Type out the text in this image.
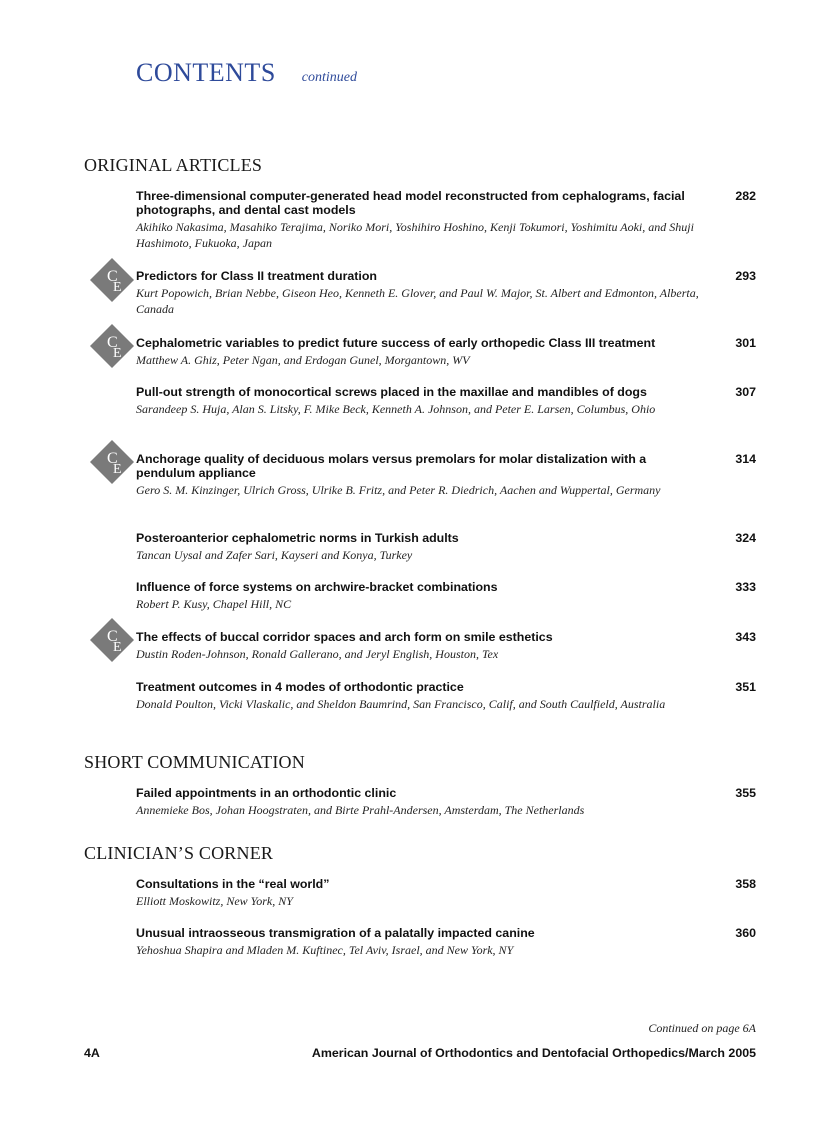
CONTENTS continued
ORIGINAL ARTICLES
Three-dimensional computer-generated head model reconstructed from cephalograms, facial photographs, and dental cast models
Akihiko Nakasima, Masahiko Terajima, Noriko Mori, Yoshihiro Hoshino, Kenji Tokumori, Yoshimitu Aoki, and Shuji Hashimoto, Fukuoka, Japan
282
C
E
Predictors for Class II treatment duration
Kurt Popowich, Brian Nebbe, Giseon Heo, Kenneth E. Glover, and Paul W. Major, St. Albert and Edmonton, Alberta, Canada
293
C
E
Cephalometric variables to predict future success of early orthopedic Class III treatment
Matthew A. Ghiz, Peter Ngan, and Erdogan Gunel, Morgantown, WV
301
Pull-out strength of monocortical screws placed in the maxillae and mandibles of dogs
Sarandeep S. Huja, Alan S. Litsky, F. Mike Beck, Kenneth A. Johnson, and Peter E. Larsen, Columbus, Ohio
307
C
E
Anchorage quality of deciduous molars versus premolars for molar distalization with a pendulum appliance
Gero S. M. Kinzinger, Ulrich Gross, Ulrike B. Fritz, and Peter R. Diedrich, Aachen and Wuppertal, Germany
314
Posteroanterior cephalometric norms in Turkish adults
Tancan Uysal and Zafer Sari, Kayseri and Konya, Turkey
324
Influence of force systems on archwire-bracket combinations
Robert P. Kusy, Chapel Hill, NC
333
C
E
The effects of buccal corridor spaces and arch form on smile esthetics
Dustin Roden-Johnson, Ronald Gallerano, and Jeryl English, Houston, Tex
343
Treatment outcomes in 4 modes of orthodontic practice
Donald Poulton, Vicki Vlaskalic, and Sheldon Baumrind, San Francisco, Calif, and South Caulfield, Australia
351
SHORT COMMUNICATION
Failed appointments in an orthodontic clinic
Annemieke Bos, Johan Hoogstraten, and Birte Prahl-Andersen, Amsterdam, The Netherlands
355
CLINICIAN’S CORNER
Consultations in the “real world”
Elliott Moskowitz, New York, NY
358
Unusual intraosseous transmigration of a palatally impacted canine
Yehoshua Shapira and Mladen M. Kuftinec, Tel Aviv, Israel, and New York, NY
360
Continued on page 6A
4A	American Journal of Orthodontics and Dentofacial Orthopedics/March 2005
